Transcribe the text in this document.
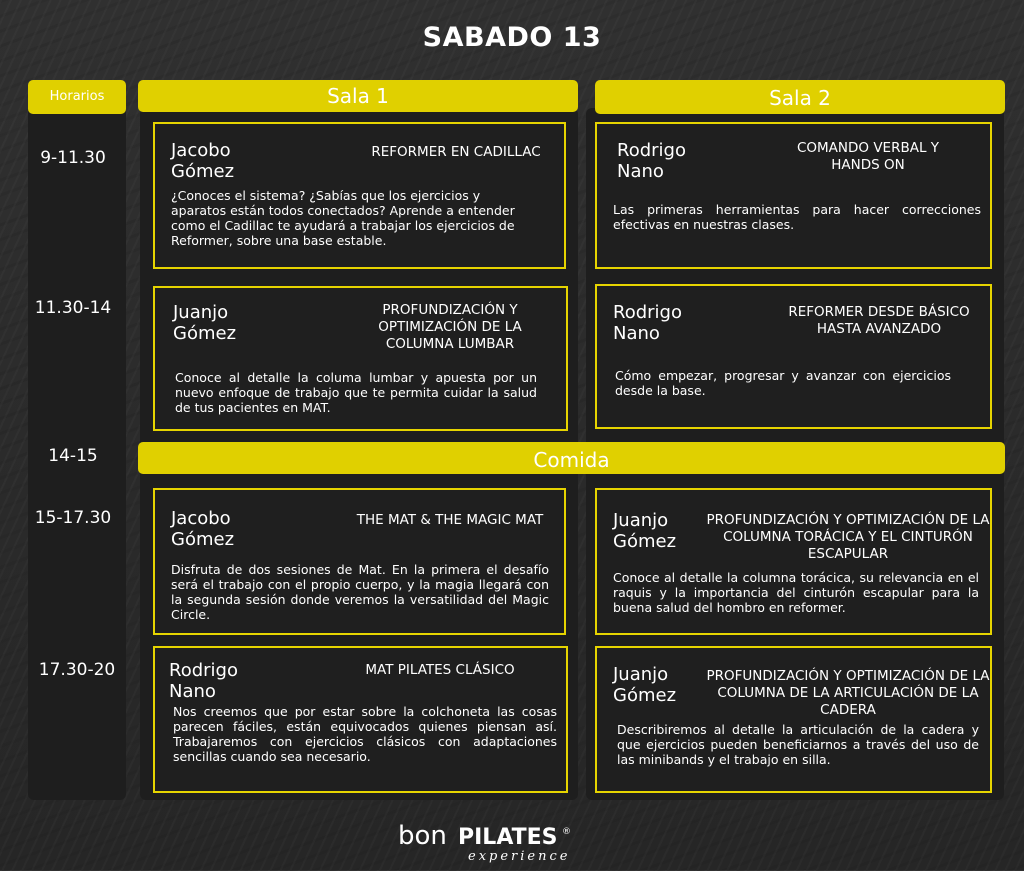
SABADO 13
Horarios
9-11.30
11.30-14
14-15
15-17.30
17.30-20
Sala 1	Sala 2
Comida
Jacobo
Gómez
REFORMER EN CADILLAC
¿Conoces el sistema? ¿Sabías que los ejercicios y aparatos están todos conectados? Aprende a entender como el Cadillac te ayudará a trabajar los ejercicios de Reformer, sobre una base estable.
Juanjo
Gómez
PROFUNDIZACIÓN Y OPTIMIZACIÓN DE LA COLUMNA LUMBAR
Conoce al detalle la columa lumbar y apuesta por un nuevo enfoque de trabajo que te permita cuidar la salud de tus pacientes en MAT.
Jacobo
Gómez
THE MAT & THE MAGIC MAT
Disfruta de dos sesiones de Mat. En la primera el desafío será el trabajo con el propio cuerpo, y la magia llegará con la segunda sesión donde veremos la versatilidad del Magic Circle.
Rodrigo
Nano
MAT PILATES CLÁSICO
Nos creemos que por estar sobre la colchoneta las cosas parecen fáciles, están equivocados quienes piensan así. Trabajaremos con ejercicios clásicos con adaptaciones sencillas cuando sea necesario.
Rodrigo
Nano
COMANDO VERBAL Y HANDS ON
Las primeras herramientas para hacer correcciones efectivas en nuestras clases.
Rodrigo
Nano
REFORMER DESDE BÁSICO HASTA AVANZADO
Cómo empezar, progresar y avanzar con ejercicios desde la base.
Juanjo
Gómez
PROFUNDIZACIÓN Y OPTIMIZACIÓN DE LA COLUMNA TORÁCICA Y EL CINTURÓN ESCAPULAR
Conoce al detalle la columna torácica, su relevancia en el raquis y la importancia del cinturón escapular para la buena salud del hombro en reformer.
Juanjo
Gómez
PROFUNDIZACIÓN Y OPTIMIZACIÓN DE LA COLUMNA DE LA ARTICULACIÓN DE LA CADERA
Describiremos al detalle la articulación de la cadera y que ejercicios pueden beneficiarnos a través del uso de las minibands y el trabajo en silla.
bon PILATES ®
experience
